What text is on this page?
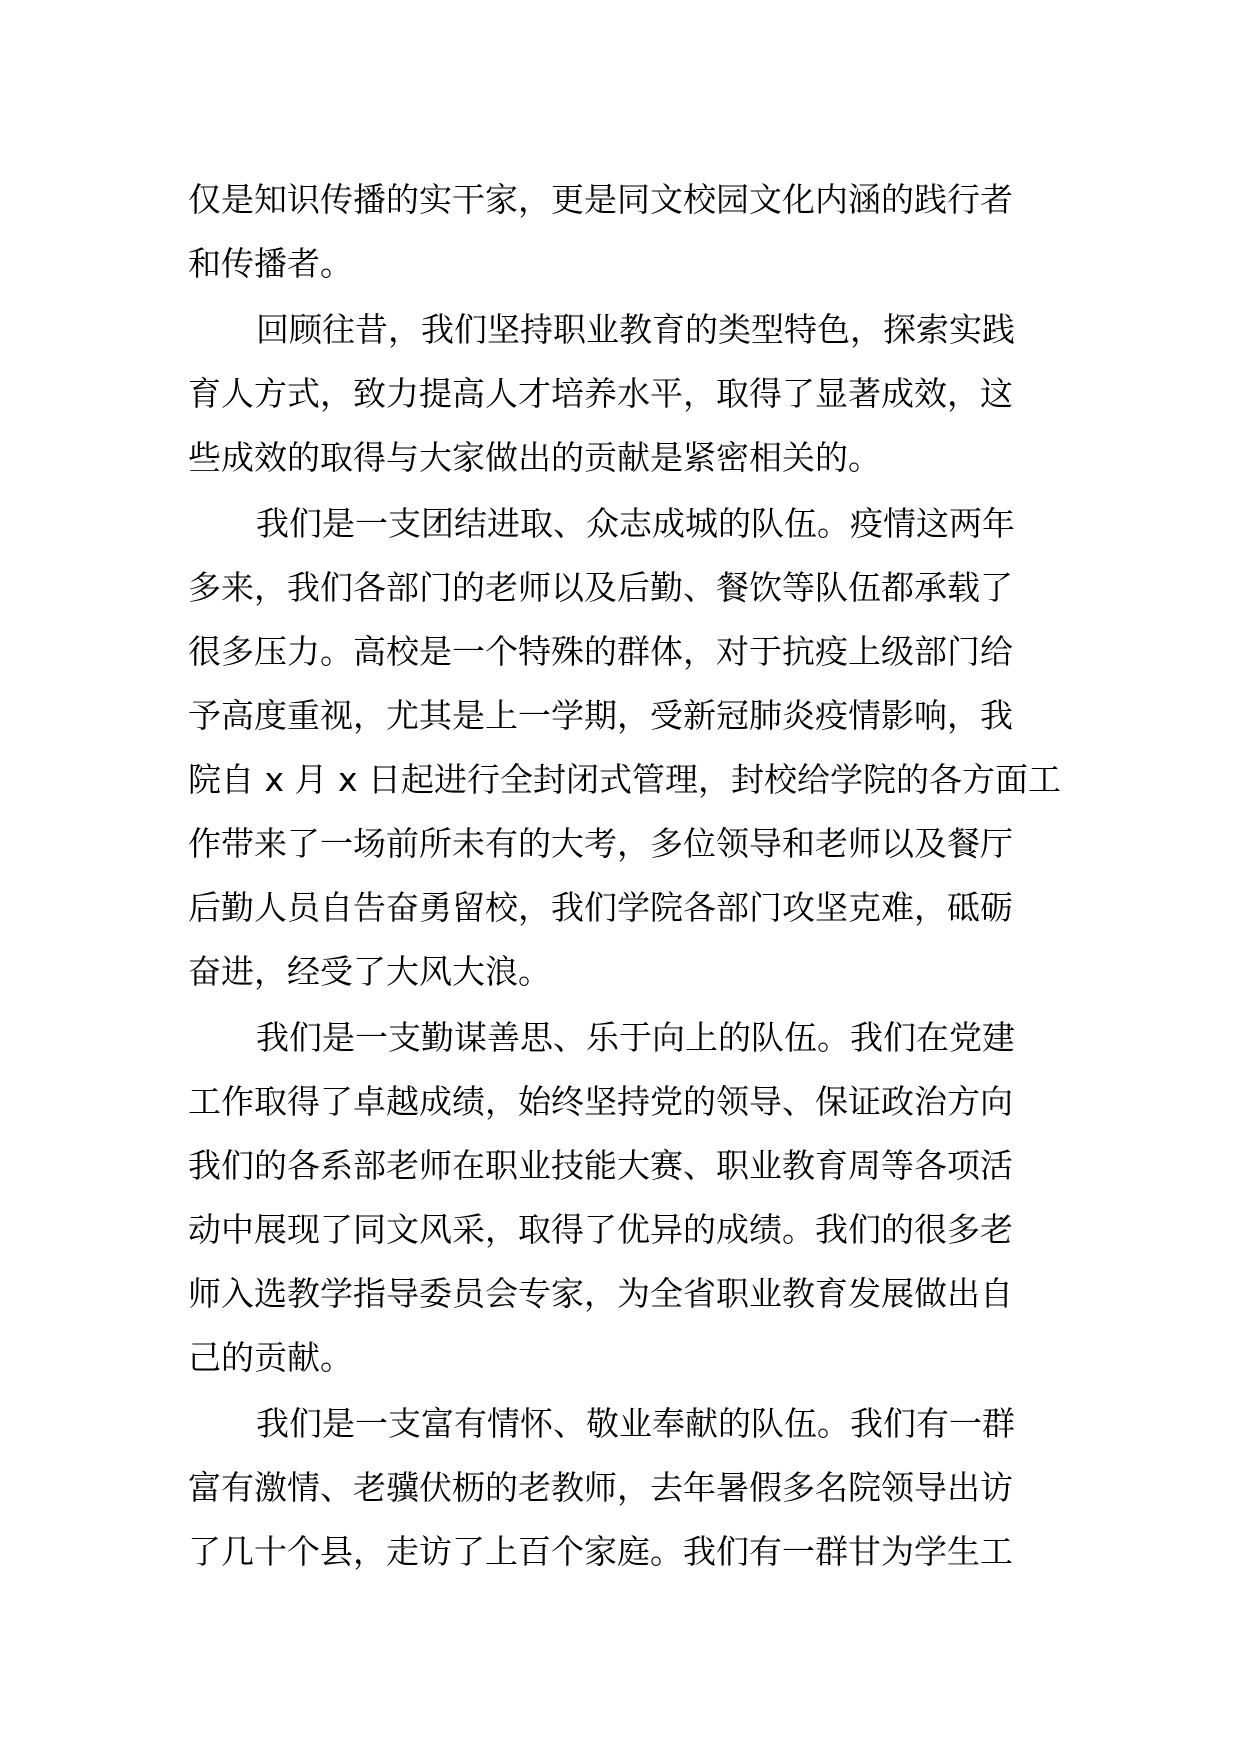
仅是知识传播的实干家，更是同文校园文化内涵的践行者
和传播者。
回顾往昔，我们坚持职业教育的类型特色，探索实践
育人方式，致力提高人才培养水平，取得了显著成效，这
些成效的取得与大家做出的贡献是紧密相关的。
我们是一支团结进取、众志成城的队伍。疫情这两年
多来，我们各部门的老师以及后勤、餐饮等队伍都承载了
很多压力。高校是一个特殊的群体，对于抗疫上级部门给
予高度重视，尤其是上一学期，受新冠肺炎疫情影响，我
院自 x 月 x 日起进行全封闭式管理，封校给学院的各方面工
作带来了一场前所未有的大考，多位领导和老师以及餐厅
后勤人员自告奋勇留校，我们学院各部门攻坚克难，砥砺
奋进，经受了大风大浪。
我们是一支勤谋善思、乐于向上的队伍。我们在党建
工作取得了卓越成绩，始终坚持党的领导、保证政治方向
我们的各系部老师在职业技能大赛、职业教育周等各项活
动中展现了同文风采，取得了优异的成绩。我们的很多老
师入选教学指导委员会专家，为全省职业教育发展做出自
己的贡献。
我们是一支富有情怀、敬业奉献的队伍。我们有一群
富有激情、老骥伏枥的老教师，去年暑假多名院领导出访
了几十个县，走访了上百个家庭。我们有一群甘为学生工
